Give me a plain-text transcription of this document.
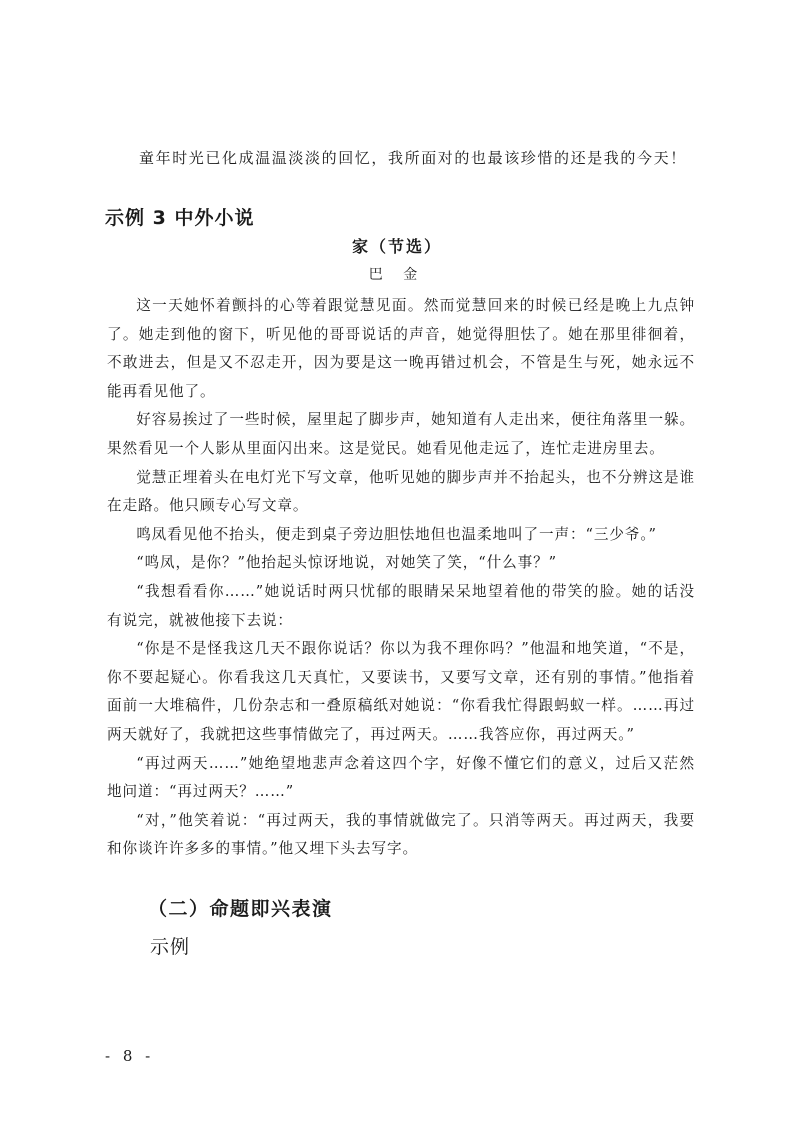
童年时光已化成温温淡淡的回忆，我所面对的也最该珍惜的还是我的今天！
示例 3 中外小说
家（节选）
巴 金

这一天她怀着颤抖的心等着跟觉慧见面。然而觉慧回来的时候已经是晚上九点钟了。她走到他的窗下，听见他的哥哥说话的声音，她觉得胆怯了。她在那里徘徊着，不敢进去，但是又不忍走开，因为要是这一晚再错过机会，不管是生与死，她永远不能再看见他了。

好容易挨过了一些时候，屋里起了脚步声，她知道有人走出来，便往角落里一躲。果然看见一个人影从里面闪出来。这是觉民。她看见他走远了，连忙走进房里去。

觉慧正埋着头在电灯光下写文章，他听见她的脚步声并不抬起头，也不分辨这是谁在走路。他只顾专心写文章。

鸣凤看见他不抬头，便走到桌子旁边胆怯地但也温柔地叫了一声：“三少爷。”

“鸣凤，是你？”他抬起头惊讶地说，对她笑了笑，“什么事？”

“我想看看你……”她说话时两只忧郁的眼睛呆呆地望着他的带笑的脸。她的话没有说完，就被他接下去说：

“你是不是怪我这几天不跟你说话？你以为我不理你吗？”他温和地笑道，“不是，你不要起疑心。你看我这几天真忙，又要读书，又要写文章，还有别的事情。”他指着面前一大堆稿件，几份杂志和一叠原稿纸对她说：“你看我忙得跟蚂蚁一样。……再过两天就好了，我就把这些事情做完了，再过两天。……我答应你，再过两天。”

“再过两天……”她绝望地悲声念着这四个字，好像不懂它们的意义，过后又茫然地问道：“再过两天？……”

“对，”他笑着说：“再过两天，我的事情就做完了。只消等两天。再过两天，我要和你谈许许多多的事情。”他又埋下头去写字。

（二）命题即兴表演
示例
- 8 -
